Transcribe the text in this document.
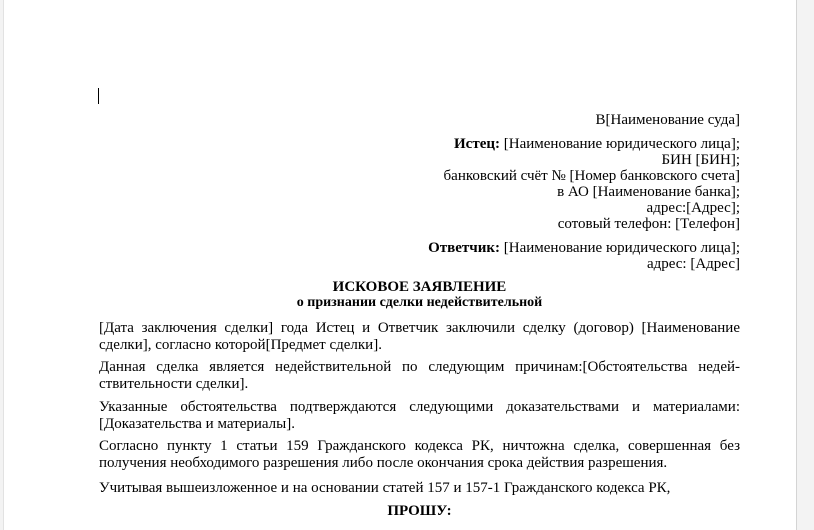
В[Наименование суда]
Истец: [Наименование юридического лица];
БИН [БИН];
банковский счёт № [Номер банковского счета]
в АО [Наименование банка];
адрес:[Адрес];
сотовый телефон: [Телефон]
Ответчик: [Наименование юридического лица];
адрес: [Адрес]
ИСКОВОЕ ЗАЯВЛЕНИЕ
о признании сделки недействительной
[Дата заключения сделки] года Истец и Ответчик заключили сделку (договор) [Наименование
сделки], согласно которой[Предмет сделки].
Данная сделка является недействительной по следующим причинам:[Обстоятельства недей-
ствительности сделки].
Указанные обстоятельства подтверждаются следующими доказательствами и материалами:
[Доказательства и материалы].
Согласно пункту 1 статьи 159 Гражданского кодекса РК, ничтожна сделка, совершенная без
получения необходимого разрешения либо после окончания срока действия разрешения.
Учитывая вышеизложенное и на основании статей 157 и 157-1 Гражданского кодекса РК,
ПРОШУ:
